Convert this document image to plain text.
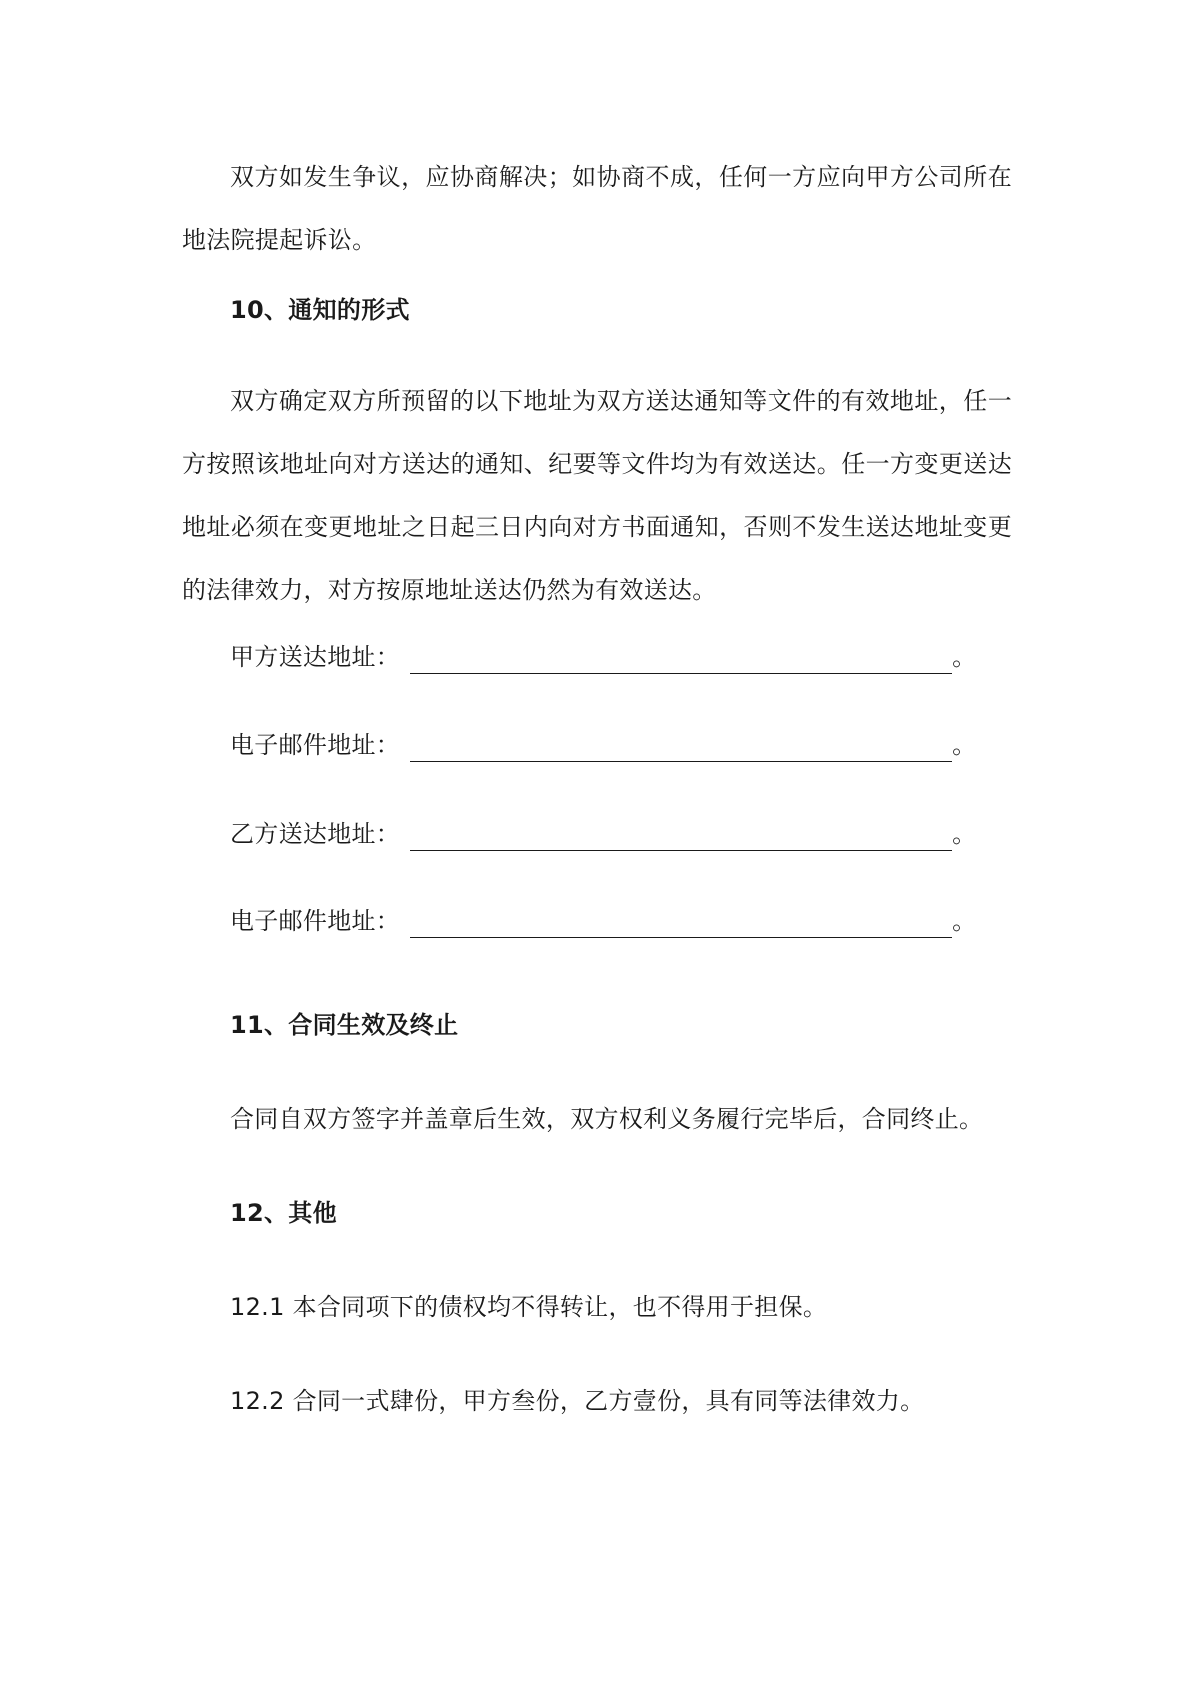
双方如发生争议，应协商解决；如协商不成，任何一方应向甲方公司所在地法院提起诉讼。

10、通知的形式

双方确定双方所预留的以下地址为双方送达通知等文件的有效地址，任一方按照该地址向对方送达的通知、纪要等文件均为有效送达。任一方变更送达地址必须在变更地址之日起三日内向对方书面通知，否则不发生送达地址变更的法律效力，对方按原地址送达仍然为有效送达。

甲方送达地址：	。
电子邮件地址：	。
乙方送达地址：	。
电子邮件地址：	。
11、合同生效及终止
合同自双方签字并盖章后生效，双方权利义务履行完毕后，合同终止。
12、其他
12.1 本合同项下的债权均不得转让，也不得用于担保。
12.2 合同一式肆份，甲方叁份，乙方壹份，具有同等法律效力。
